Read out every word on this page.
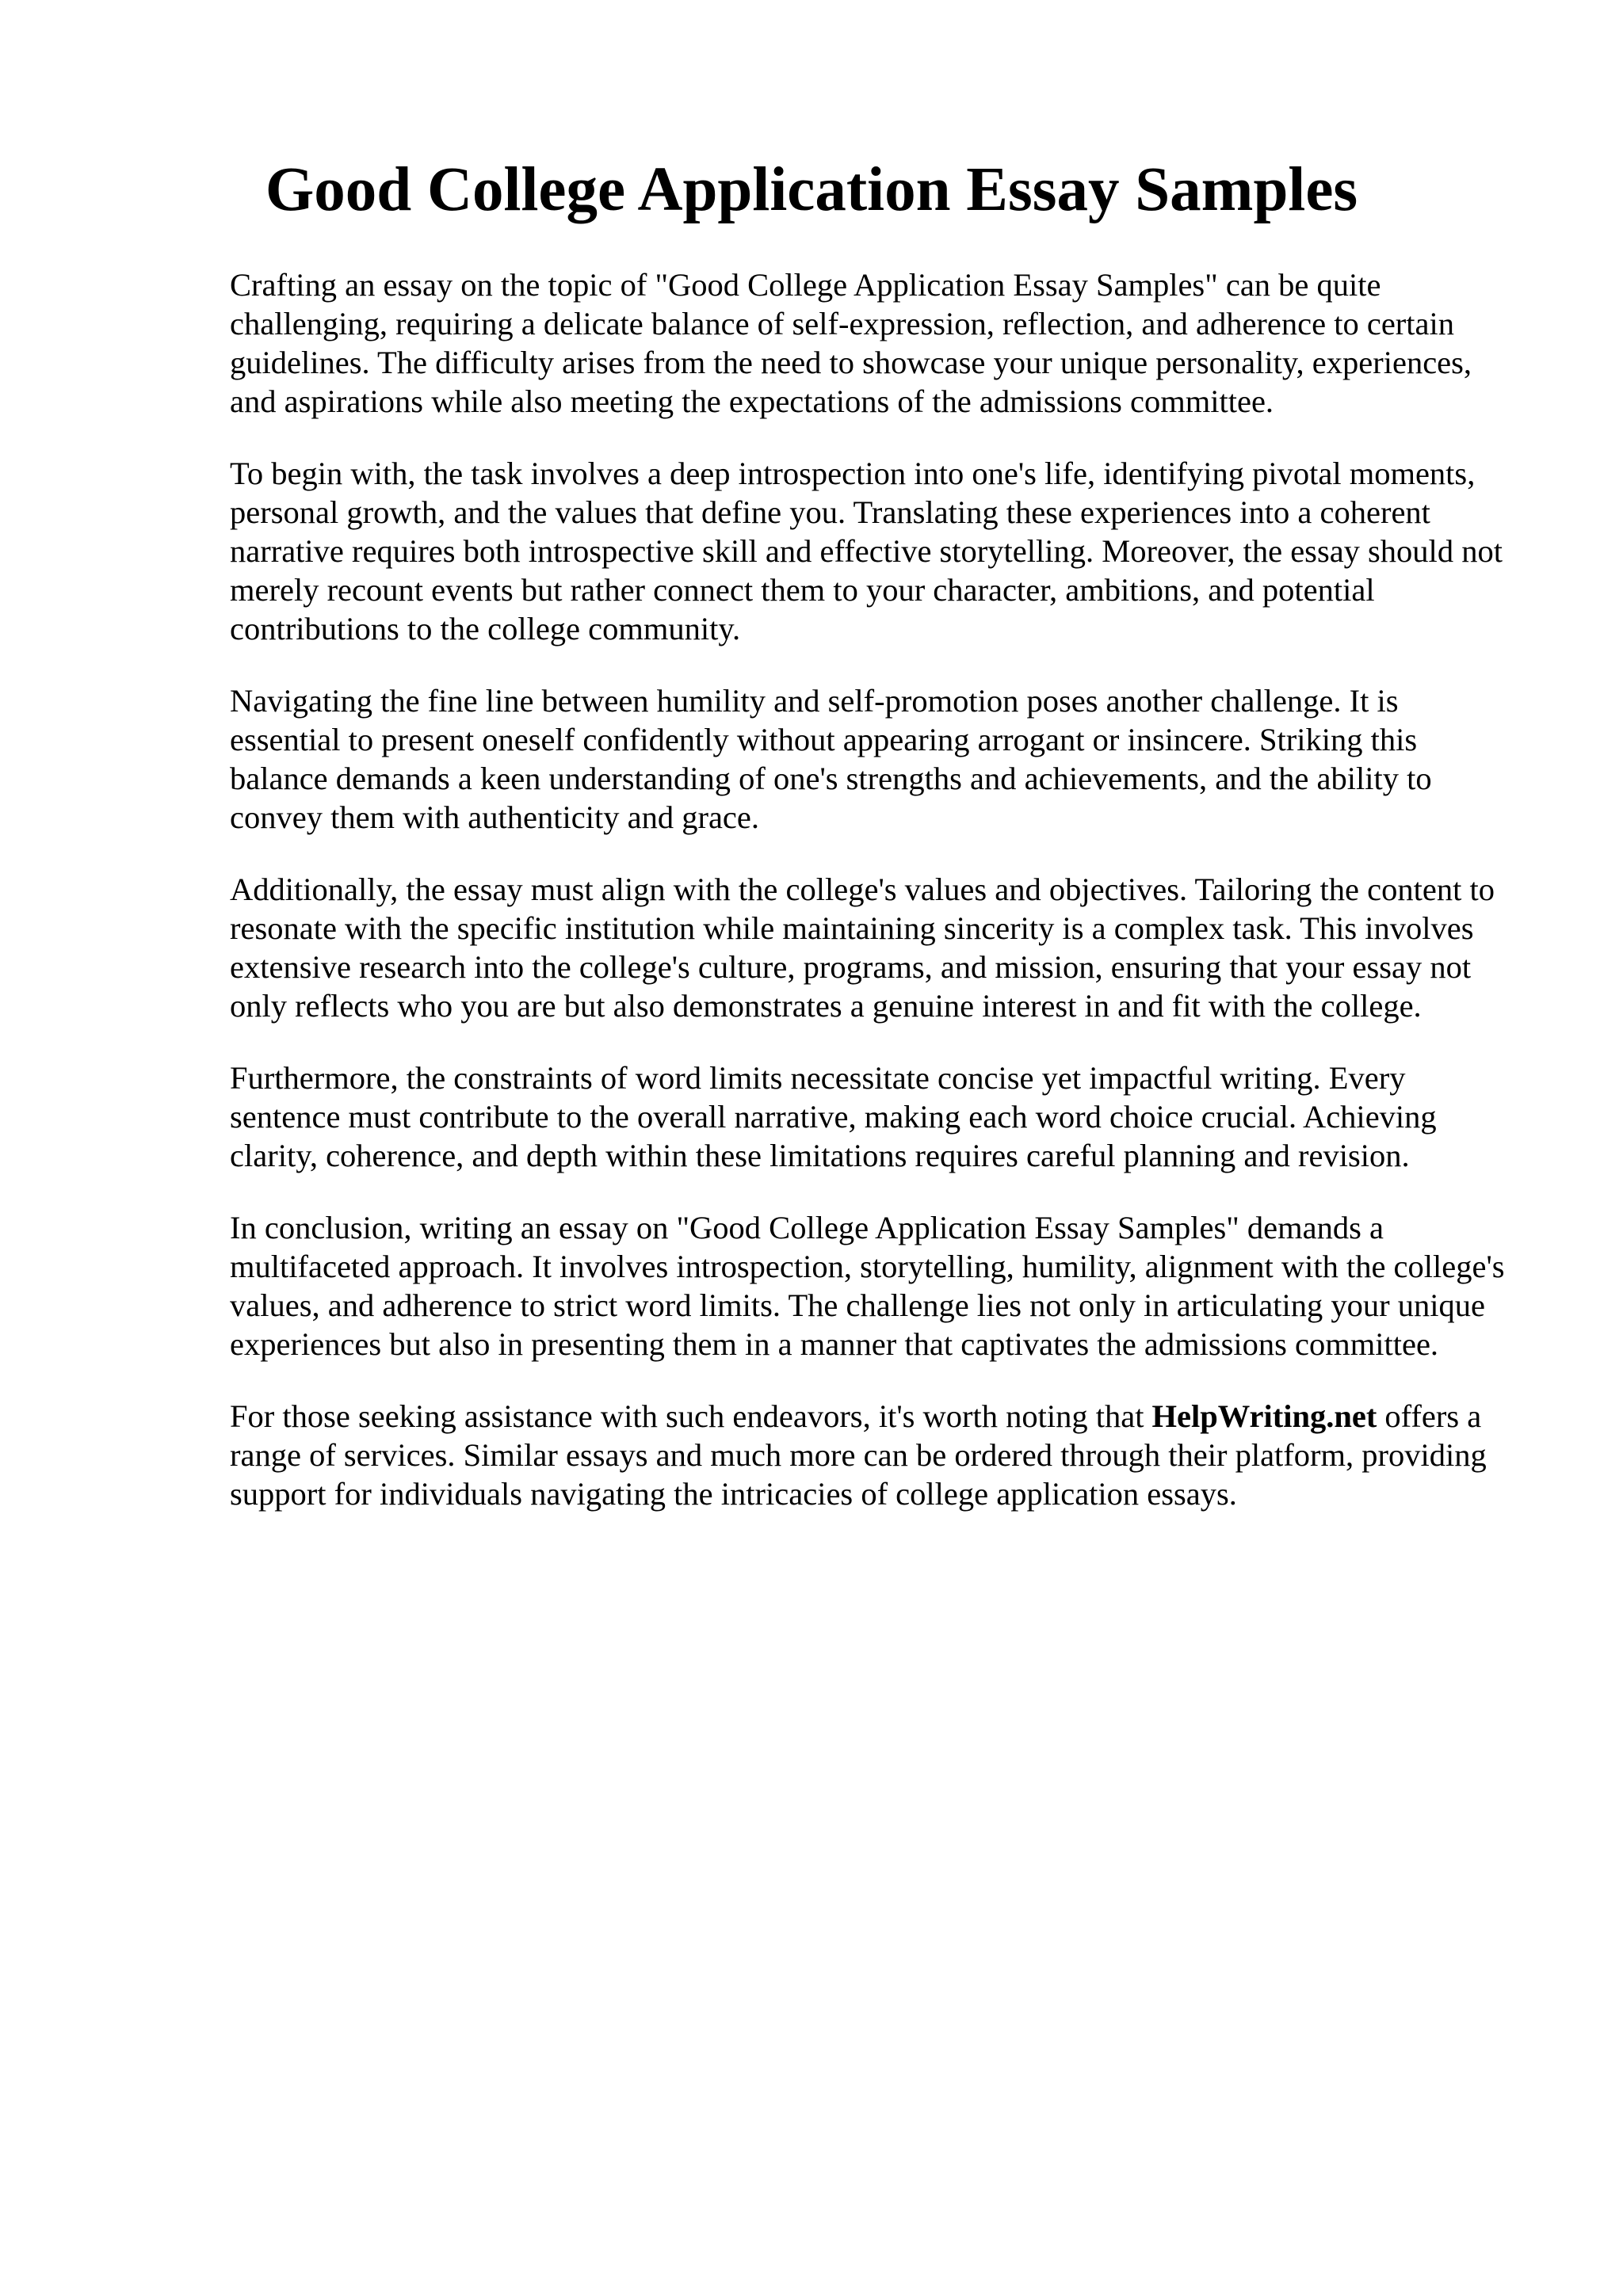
Good College Application Essay Samples

Crafting an essay on the topic of "Good College Application Essay Samples" can be quite challenging, requiring a delicate balance of self-expression, reflection, and adherence to certain guidelines. The difficulty arises from the need to showcase your unique personality, experiences, and aspirations while also meeting the expectations of the admissions committee.

To begin with, the task involves a deep introspection into one's life, identifying pivotal moments, personal growth, and the values that define you. Translating these experiences into a coherent narrative requires both introspective skill and effective storytelling. Moreover, the essay should not merely recount events but rather connect them to your character, ambitions, and potential contributions to the college community.

Navigating the fine line between humility and self-promotion poses another challenge. It is essential to present oneself confidently without appearing arrogant or insincere. Striking this balance demands a keen understanding of one's strengths and achievements, and the ability to convey them with authenticity and grace.

Additionally, the essay must align with the college's values and objectives. Tailoring the content to resonate with the specific institution while maintaining sincerity is a complex task. This involves extensive research into the college's culture, programs, and mission, ensuring that your essay not only reflects who you are but also demonstrates a genuine interest in and fit with the college.

Furthermore, the constraints of word limits necessitate concise yet impactful writing. Every sentence must contribute to the overall narrative, making each word choice crucial. Achieving clarity, coherence, and depth within these limitations requires careful planning and revision.

In conclusion, writing an essay on "Good College Application Essay Samples" demands a multifaceted approach. It involves introspection, storytelling, humility, alignment with the college's values, and adherence to strict word limits. The challenge lies not only in articulating your unique experiences but also in presenting them in a manner that captivates the admissions committee.

For those seeking assistance with such endeavors, it's worth noting that HelpWriting.net offers a range of services. Similar essays and much more can be ordered through their platform, providing support for individuals navigating the intricacies of college application essays.
